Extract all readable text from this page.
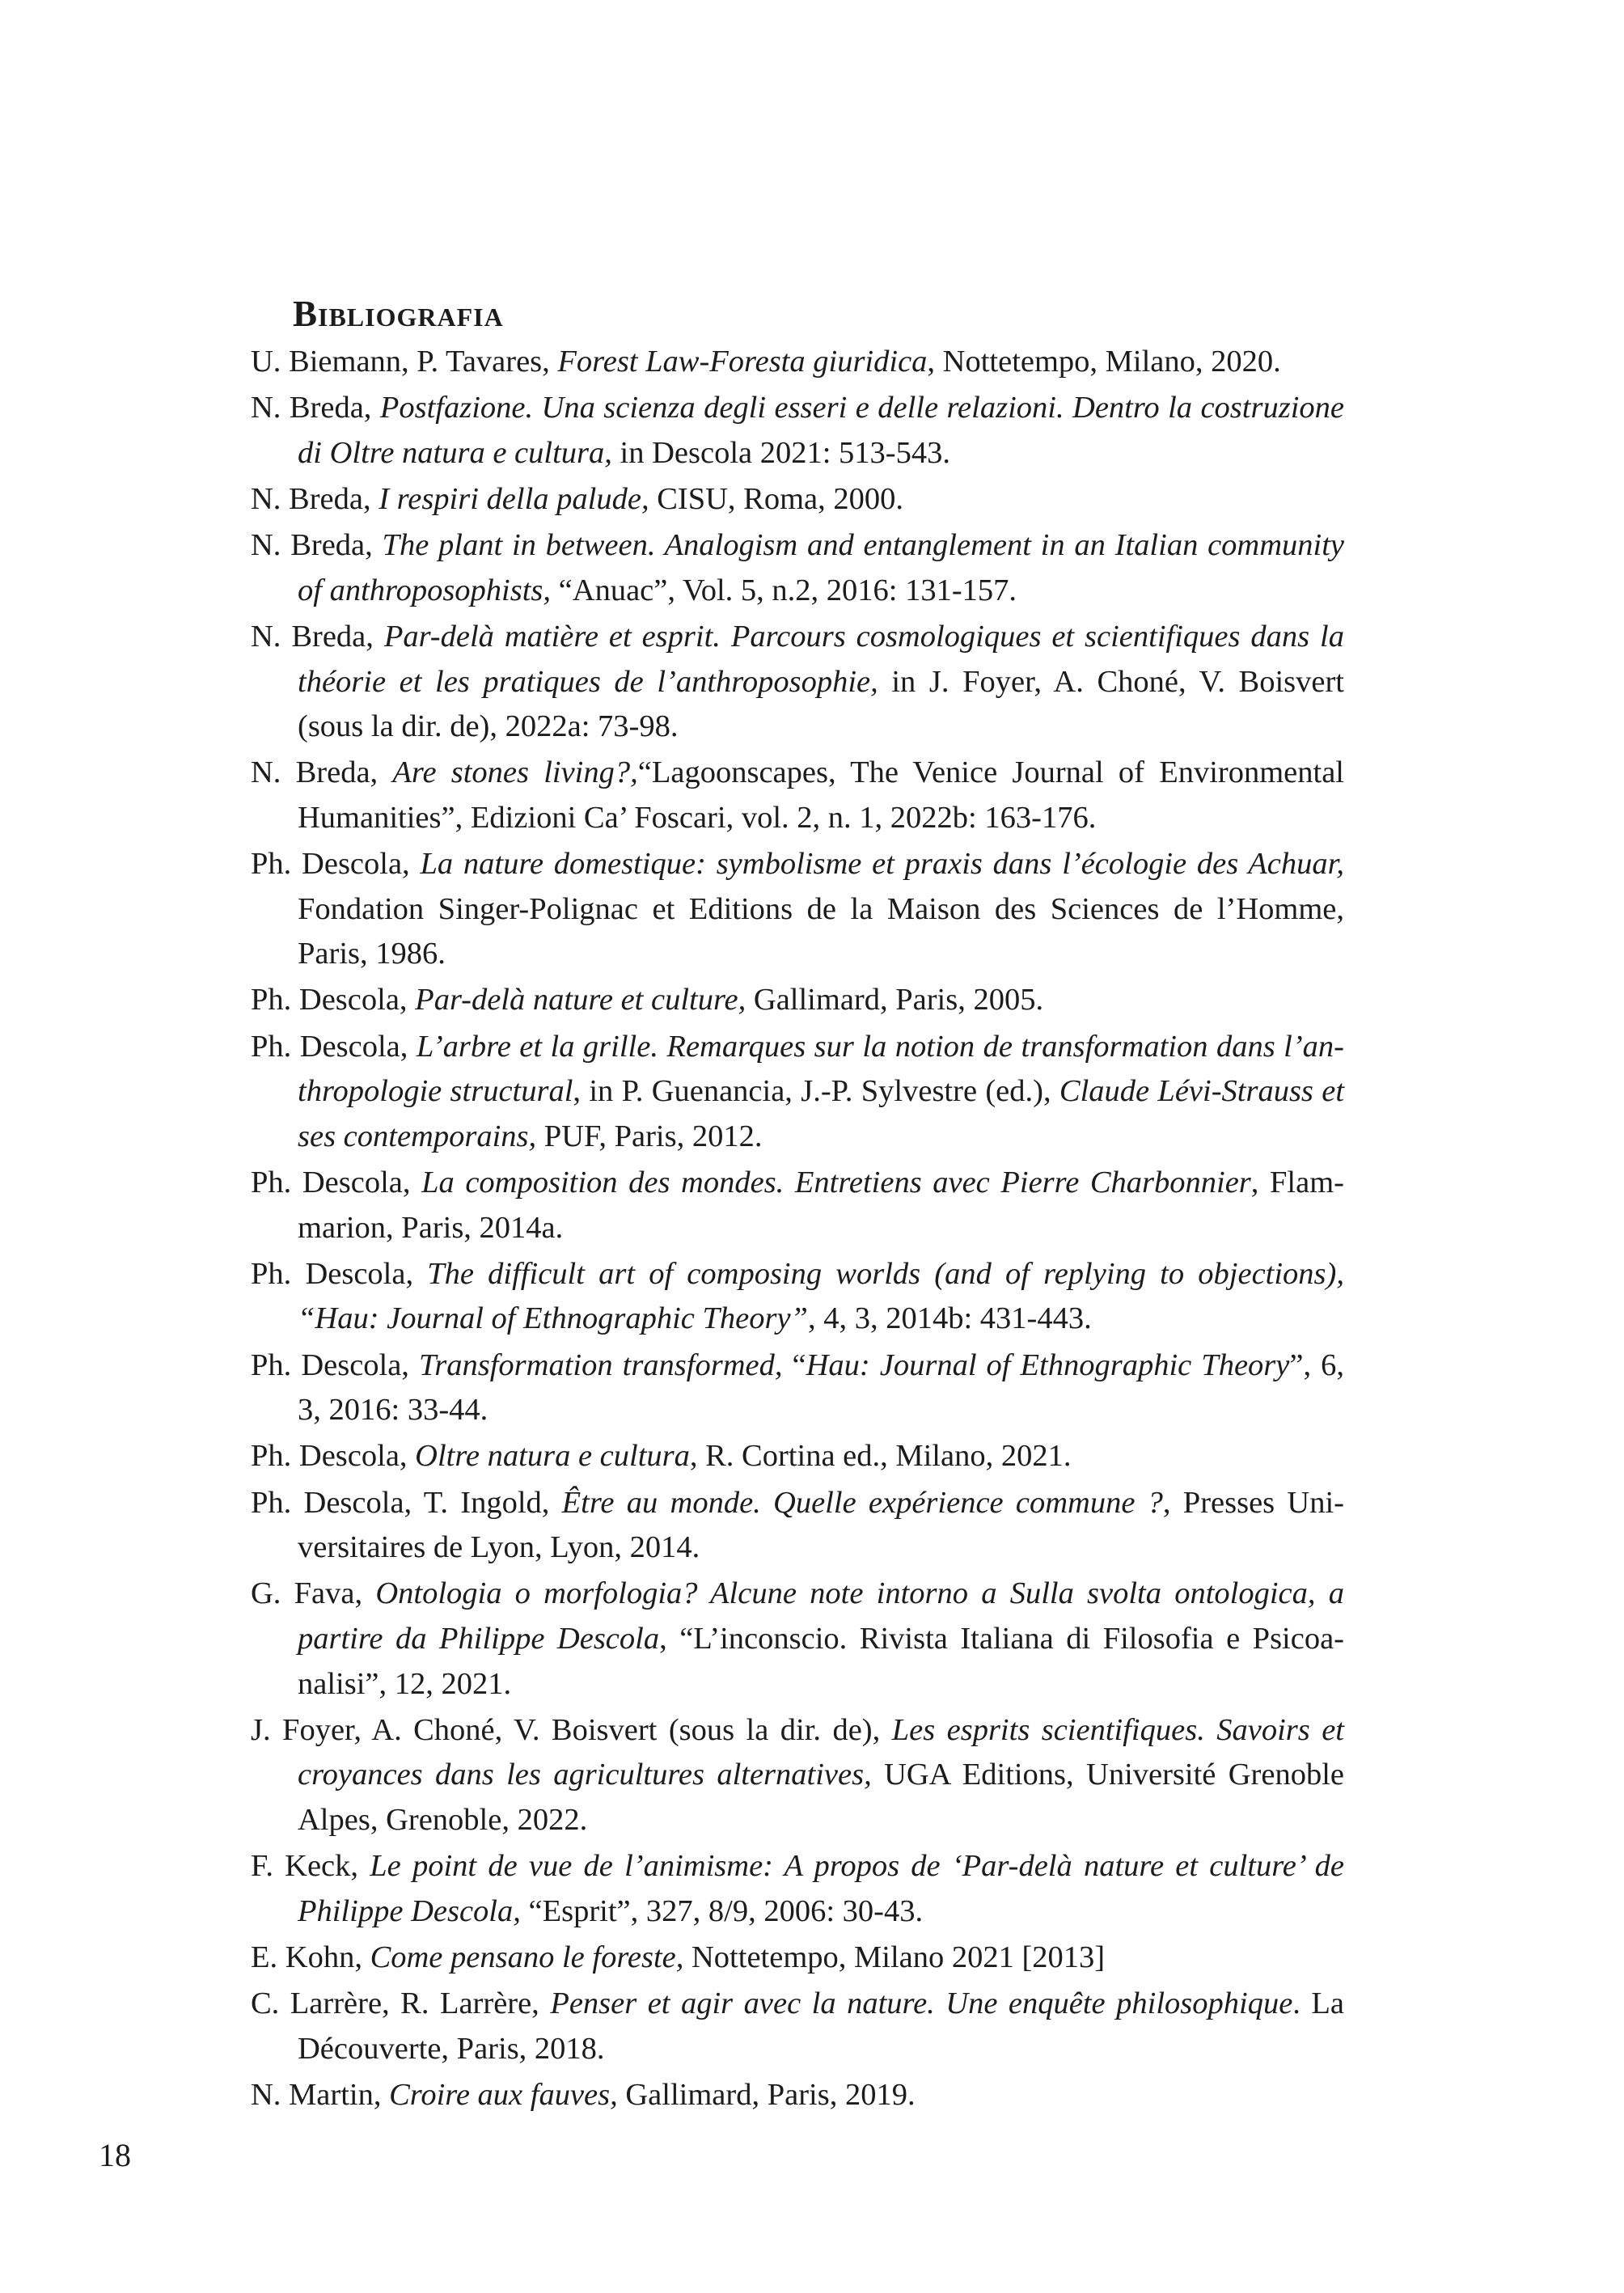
Bibliografia
U. Biemann, P. Tavares, Forest Law-Foresta giuridica, Nottetempo, Milano, 2020.
N. Breda, Postfazione. Una scienza degli esseri e delle relazioni. Dentro la costruzione di Oltre natura e cultura, in Descola 2021: 513-543.
N. Breda, I respiri della palude, CISU, Roma, 2000.
N. Breda, The plant in between. Analogism and entanglement in an Italian community of anthroposophists, “Anuac”, Vol. 5, n.2, 2016: 131-157.
N. Breda, Par-delà matière et esprit. Parcours cosmologiques et scientifiques dans la théorie et les pratiques de l’anthroposophie, in J. Foyer, A. Choné, V. Boisvert (sous la dir. de), 2022a: 73-98.
N. Breda, Are stones living?,“Lagoonscapes, The Venice Journal of Environmental Humanities”, Edizioni Ca’ Foscari, vol. 2, n. 1, 2022b: 163-176.
Ph. Descola, La nature domestique: symbolisme et praxis dans l’écologie des Achuar, Fondation Singer-Polignac et Editions de la Maison des Sciences de l’Homme, Paris, 1986.
Ph. Descola, Par-delà nature et culture, Gallimard, Paris, 2005.
Ph. Descola, L’arbre et la grille. Remarques sur la notion de transformation dans l’anthropologie structural, in P. Guenancia, J.-P. Sylvestre (ed.), Claude Lévi-Strauss et ses contemporains, PUF, Paris, 2012.
Ph. Descola, La composition des mondes. Entretiens avec Pierre Charbonnier, Flammarion, Paris, 2014a.
Ph. Descola, The difficult art of composing worlds (and of replying to objections), “Hau: Journal of Ethnographic Theory”, 4, 3, 2014b: 431-443.
Ph. Descola, Transformation transformed, “Hau: Journal of Ethnographic Theory”, 6, 3, 2016: 33-44.
Ph. Descola, Oltre natura e cultura, R. Cortina ed., Milano, 2021.
Ph. Descola, T. Ingold, Être au monde. Quelle expérience commune ?, Presses Universitaires de Lyon, Lyon, 2014.
G. Fava, Ontologia o morfologia? Alcune note intorno a Sulla svolta ontologica, a partire da Philippe Descola, “L’inconscio. Rivista Italiana di Filosofia e Psicoanalisi”, 12, 2021.
J. Foyer, A. Choné, V. Boisvert (sous la dir. de), Les esprits scientifiques. Savoirs et croyances dans les agricultures alternatives, UGA Editions, Université Grenoble Alpes, Grenoble, 2022.
F. Keck, Le point de vue de l’animisme: A propos de ‘Par-delà nature et culture’ de Philippe Descola, “Esprit”, 327, 8/9, 2006: 30-43.
E. Kohn, Come pensano le foreste, Nottetempo, Milano 2021 [2013]
C. Larrère, R. Larrère, Penser et agir avec la nature. Une enquête philosophique. La Découverte, Paris, 2018.
N. Martin, Croire aux fauves, Gallimard, Paris, 2019.
18
